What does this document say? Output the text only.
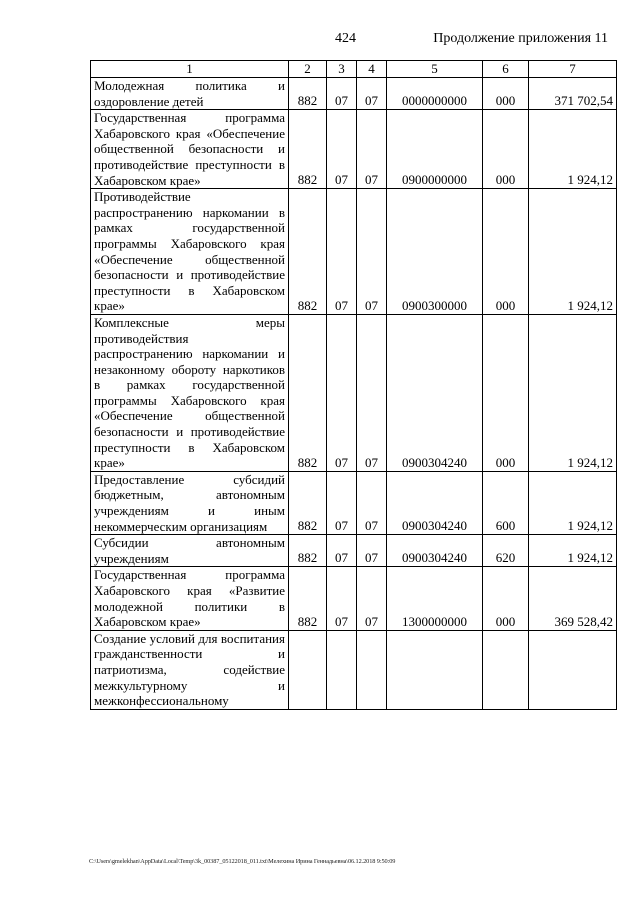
424	Продолжение приложения 11
1	2	3	4	5	6	7
Молодежная политика и оздоровление детей	882	07	07	0000000000	000	371 702,54
Государственная программа Хабаровского края «Обеспечение общественной безопасности и противодействие преступности в Хабаровском крае»	882	07	07	0900000000	000	1 924,12
Противодействие распространению наркомании в рамках государственной программы Хабаровского края «Обеспечение общественной безопасности и противодействие преступности в Хабаровском крае»	882	07	07	0900300000	000	1 924,12
Комплексные меры противодействия распространению наркомании и незаконному обороту наркотиков в рамках государственной программы Хабаровского края «Обеспечение общественной безопасности и противодействие преступности в Хабаровском крае»	882	07	07	0900304240	000	1 924,12
Предоставление субсидий бюджетным, автономным учреждениям и иным некоммерческим организациям	882	07	07	0900304240	600	1 924,12
Субсидии автономным учреждениям	882	07	07	0900304240	620	1 924,12
Государственная программа Хабаровского края «Развитие молодежной политики в Хабаровском крае»	882	07	07	1300000000	000	369 528,42
Создание условий для воспитания гражданственности и патриотизма, содействие межкультурному и межконфессиональному						
C:\Users\gmelekhan\AppData\Local\Temp\3k_00387_05122018_011.txt\Мелехина Ирина Геннадьевна\06.12.2018 9:50:09
